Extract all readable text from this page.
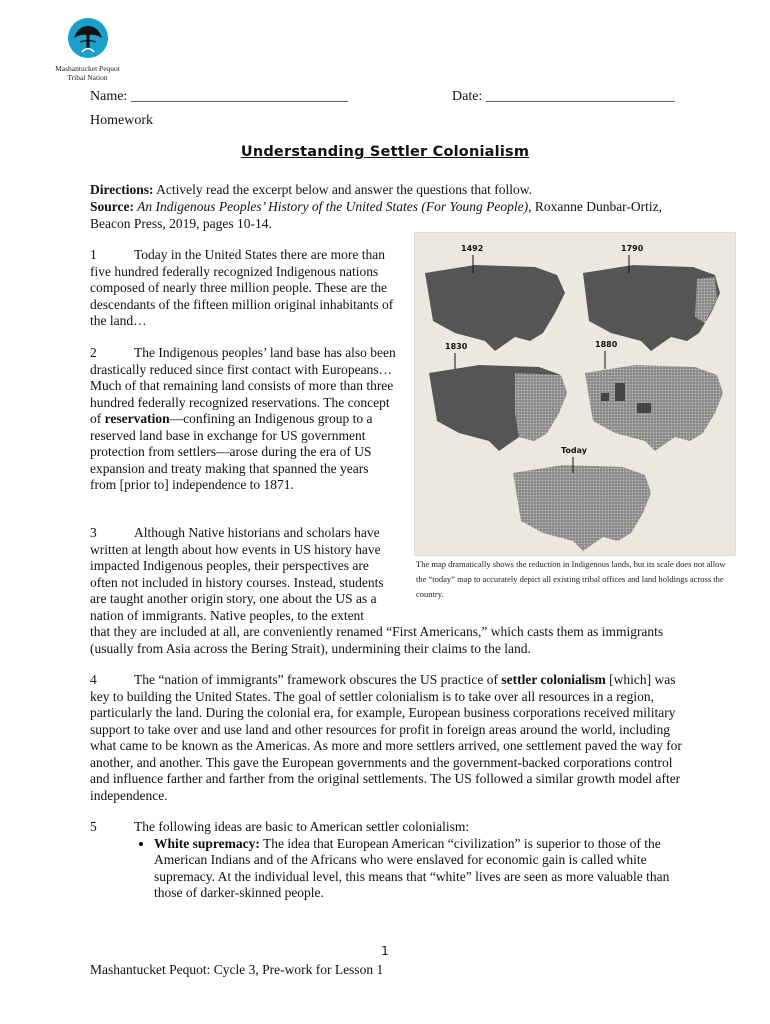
Mashantucket Pequot
Tribal Nation
Name: _______________________________	Date: ___________________________
Homework
Understanding Settler Colonialism
Directions: Actively read the excerpt below and answer the questions that follow.
Source: An Indigenous Peoples’ History of the United States (For Young People), Roxanne Dunbar-Ortiz, Beacon Press, 2019, pages 10-14.
1	Today in the United States there are more than five hundred federally recognized Indigenous nations composed of nearly three million people. These are the descendants of the fifteen million original inhabitants of the land…
2	The Indigenous peoples’ land base has also been drastically reduced since first contact with Europeans… Much of that remaining land consists of more than three hundred federally recognized reservations. The concept of reservation—confining an Indigenous group to a reserved land base in exchange for US government protection from settlers—arose during the era of US expansion and treaty making that spanned the years from [prior to] independence to 1871.
3	Although Native historians and scholars have written at length about how events in US history have impacted Indigenous peoples, their perspectives are often not included in history courses. Instead, students are taught another origin story, one about the US as a nation of immigrants. Native peoples, to the extent
that they are included at all, are conveniently renamed “First Americans,” which casts them as immigrants (usually from Asia across the Bering Strait), undermining their claims to the land.
1492	1790
1830	1880
Today
The map dramatically shows the reduction in Indigenous lands, but its scale does not allow the “today” map to accurately depict all existing tribal offices and land holdings across the country.
4	The “nation of immigrants” framework obscures the US practice of settler colonialism [which] was key to building the United States. The goal of settler colonialism is to take over all resources in a region, particularly the land. During the colonial era, for example, European business corporations received military support to take over and use land and other resources for profit in foreign areas around the world, including what came to be known as the Americas. As more and more settlers arrived, one settlement paved the way for another, and another. This gave the European governments and the government-backed corporations control and influence farther and farther from the original settlements. The US followed a similar growth model after independence.
5	The following ideas are basic to American settler colonialism:
• White supremacy: The idea that European American “civilization” is superior to those of the American Indians and of the Africans who were enslaved for economic gain is called white supremacy. At the individual level, this means that “white” lives are seen as more valuable than those of darker-skinned people.
1
Mashantucket Pequot: Cycle 3, Pre-work for Lesson 1
